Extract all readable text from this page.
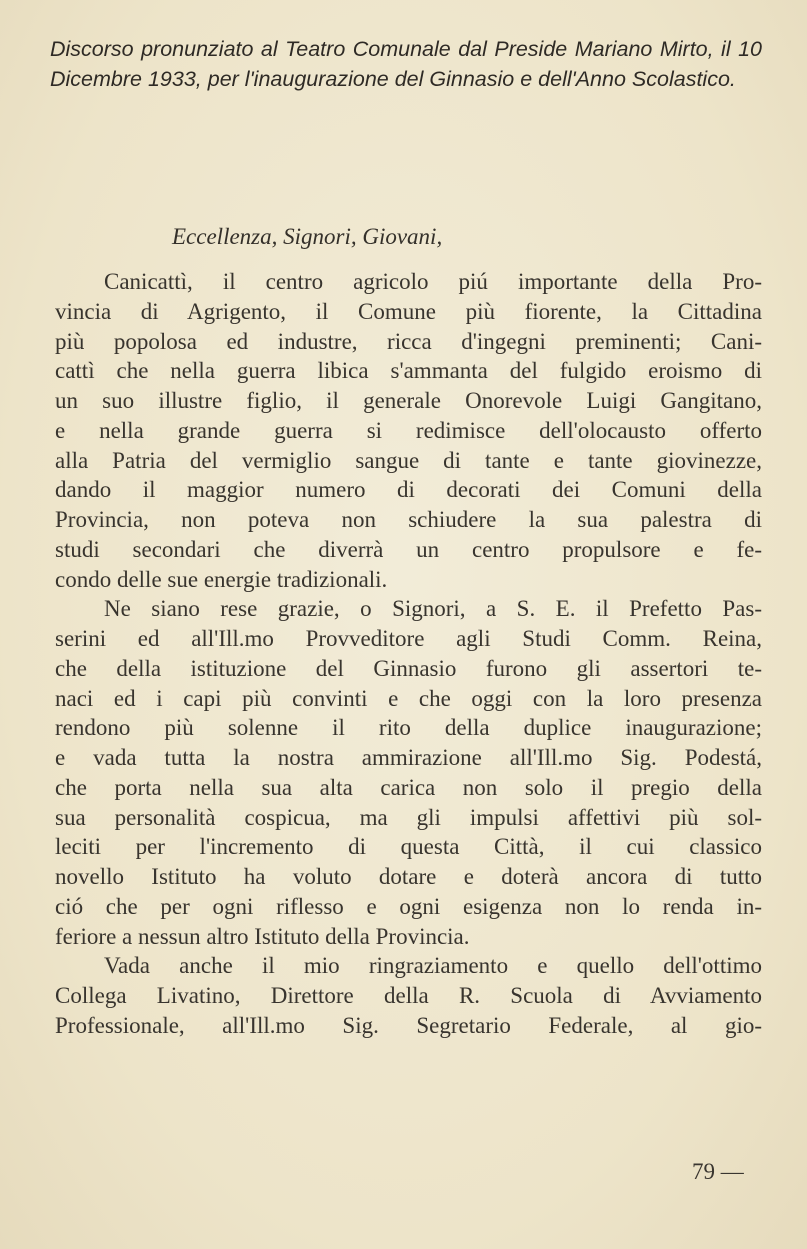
Discorso pronunziato al Teatro Comunale dal Preside Mariano Mirto, il 10 Dicembre 1933, per l'inaugurazione del Ginnasio e dell'Anno Scolastico.
Eccellenza, Signori, Giovani,
Canicattì, il centro agricolo piú importante della Pro-
vincia di Agrigento, il Comune più fiorente, la Cittadina
più popolosa ed industre, ricca d'ingegni preminenti; Cani-
cattì che nella guerra libica s'ammanta del fulgido eroismo di
un suo illustre figlio, il generale Onorevole Luigi Gangitano,
e nella grande guerra si redimisce dell'olocausto offerto
alla Patria del vermiglio sangue di tante e tante giovinezze,
dando il maggior numero di decorati dei Comuni della
Provincia, non poteva non schiudere la sua palestra di
studi secondari che diverrà un centro propulsore e fe-
condo delle sue energie tradizionali.
Ne siano rese grazie, o Signori, a S. E. il Prefetto Pas-
serini ed all'Ill.mo Provveditore agli Studi Comm. Reina,
che della istituzione del Ginnasio furono gli assertori te-
naci ed i capi più convinti e che oggi con la loro presenza
rendono più solenne il rito della duplice inaugurazione;
e vada tutta la nostra ammirazione all'Ill.mo Sig. Podestá,
che porta nella sua alta carica non solo il pregio della
sua personalità cospicua, ma gli impulsi affettivi più sol-
leciti per l'incremento di questa Città, il cui classico
novello Istituto ha voluto dotare e doterà ancora di tutto
ció che per ogni riflesso e ogni esigenza non lo renda in-
feriore a nessun altro Istituto della Provincia.
Vada anche il mio ringraziamento e quello dell'ottimo
Collega Livatino, Direttore della R. Scuola di Avviamento
Professionale, all'Ill.mo Sig. Segretario Federale, al gio-
79 —
